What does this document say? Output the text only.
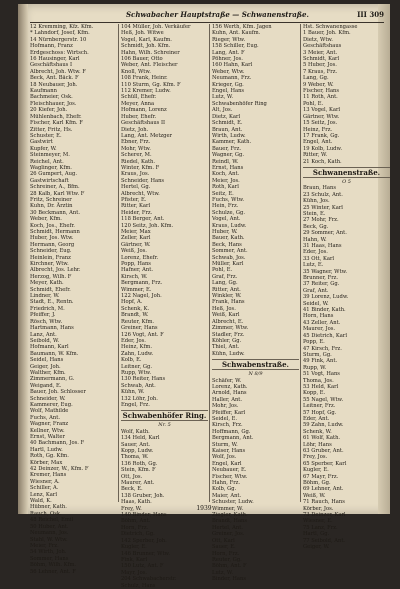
Schwabacher Hauptstraße — Schwanenstraße.	III 309
12 Kremming, Kfz. Kfm.
* Lahndorf, Josef, Kfm.
14 Nürnbergerstr. 10
Hofmann, Franz
Erdgeschoss: Wirtsch.
16 Hausinger, Karl
Geschäftshaus I
Albrecht, Joh. Wtw. F
Beck, Ant. Bäck. F
18 Neubauer, Joh.
Kaufmann
Bachmeier, Osk.
Fleischhauer, Jos.
20 Kiefer, Joh.
Mühlenbach, Ehefr.
Fischer, Karl Kfm. F
Zitter, Fritz, Hs.
Schuster, E.
Gastwirt
Kupfer, W.
Steinmeyer, M.
Reichel, Ant.
Waglinger, Kfm.
26 Gumpert, Aug.
Gastwirtschaft
Schreiner, A., Bfm.
28 Kalb, Karl Wtw. F
Fritz, Schreiner
Kuhn, Dr. Ärztin
30 Beckmann, Ant.
Weber, Kfm.
Koch, Jos., Ehefr.
Schmidt, Hermann
Huber, Jos. Wtw.
Hermann, Georg
Schneider, Eug.
Heinlein, Franz
Kirchner, Wtw.
Albrecht, Jos. Lehr.
Herzog, Wilh. F
Meyer, Kath.
Schmidt, Ehefr.
Lindner, W.
Stadt, E., Rentn.
Friedrich, M.
Pfeiffer, J.
Rösch, Wtw.
Hartmann, Hans
Lanz, Ant.
Seibold, W.
Hofmann, Karl
Baumann, W. Kfm.
Seidel, Hans
Geiger, Joh.
Walther, Kfm.
Zimmermann, G.
Weigand, E.
Bauer, Joh. Schlosser
Schneider, W.
Kammerer, Eug.
Wolf, Mathilde
Fuchs, Ant.
Wagner, Franz
Kellner, Wtw.
Ernst, Walter
40 Bachmann, Jos. F
Hartl, Ludw.
Roth, Gg. Kfm.
Körber, Max
42 Deinzer, W., Kfm. F
Kremer, Hans
Wiesner, A.
Schiller, A.
Lenz, Karl
Wald, K.
Hübner, Kath.
Rauch, Osk.
48 Reichel, Emil
50 Huber, Ant.
Neumann, Jos.
Stahl, W. Wtw.
Meier, Frz.
54 Wirth, Joh.
Sommer, Hans
Böhm, Wilh. Kfm.
56 Lehner, Ant. F
104 Müller, Joh. Verkäufer
Heß, Joh. Witwe
Vogel, Karl, Kaufm.
Schmidt, Joh. Kfm.
Hahn, Wilh. Schreiner
106 Bauer, Otto
Weber, Ant. Fleischer
Knoll, Wtw.
108 Frank, Heinr.
110 Sturm, Gg. Kfm. F
112 Kremer, Ludw.
Schüll, Ehefr.
Meyer, Anna
Hofmann, Lorenz
Huber, Ehefr.
Geschäftshaus II
Dietz, Joh.
Lang, Ant. Metzger
Ebner, Frz.
Mohr, Wtw.
Scherer, M.
Riedel, Kath.
Winter, Kfm. F
Kraus, Jos.
Schneider, Hans
Hertel, Gg.
Albrecht, Wtw.
Pfister, E.
Ritter, Karl
Heider, Frz.
118 Berger, Ant.
120 Seitz, Joh. Kfm.
Meier, Max
Zeller, Karl
Gärtner, W.
Weiß, Jos.
Lorenz, Ehefr.
Popp, Hans
Hafner, Ant.
Kirsch, W.
Bergmann, Frz.
Wimmer, E.
122 Nagel, Joh.
Hopf, A.
Schenk, K.
Brandt, W.
Reuter, Kfm.
Greiner, Hans
126 Vogt, Ant. F
Eder, Jos.
Heinz, Kfm.
Zahn, Ludw.
Kolb, E.
Leitner, Gg.
Rupp, Wtw.
130 Reiter, Hans
Schwab, Ant.
Kühn, W.
132 Löhr, Joh.
Engel, Frz.
Schwabenhöfer Ring.
Nr. 5
Wolf, Kath.
134 Held, Karl
Sauer, Ant.
Kopp, Ludw.
Thoma, W.
136 Roth, Gg.
Stein, Kfm. F
Ott, Jos.
Maurer, Ant.
Beck, E.
138 Gruber, Joh.
Haas, Kath.
Frey, W.
140 Binder, Hans
Böhm, Ant.
Horn, Frz.
Dietrich, Gg.
142 Sperber, Joh.
Kugler, E.
146 Brunner, Wtw.
Fink, Karl
150 Lutz, Ant. F
Mayr, Jos.
204 Schwabacherstr.
Schulz, Hans
156 Werth, Kfm. Jagen
Kuhn, Ant. Kaufm.
Rieger, Wtw.
158 Schiller, Eug.
Lang, Ant. F
Pöhner, Jos.
160 Hahn, Karl
Weber, Wtw.
Neumann, Frz.
Krieger, Gg.
Engel, Hans
Lutz, W.
Schwabenhöfer Ring
Alt, Jos.
Dietz, Karl
Schmidt, E.
Braun, Ant.
Wirth, Ludw.
Kammer, Kath.
Bauer, Frz.
Wagner, Gg.
Reindl, W.
Ernst, Hans
Koch, Ant.
Meier, Jos.
Roth, Karl
Seitz, E.
Fuchs, Wtw.
Hein, Frz.
Schulze, Gg.
Vogel, Ant.
Kraus, Ludw.
Huber, W.
Bauer, Kath.
Beck, Hans
Sommer, Ant.
Schwab, Jos.
Müller, Karl
Pohl, E.
Graf, Frz.
Lang, Gg.
Ritter, Ant.
Winkler, W.
Frank, Hans
Heß, Jos.
Weiß, Karl
Albrecht, E.
Zimmer, Wtw.
Stadler, Frz.
Köhler, Gg.
Thiel, Ant.
Kühn, Ludw.
Schwabenstraße.
N 8/9
Schäfer, W.
Lorenz, Kath.
Arnold, Hans
Haller, Ant.
Mohr, Jos.
Pfeiffer, Karl
Seidel, E.
Kirsch, Frz.
Hoffmann, Gg.
Bergmann, Ant.
Sturm, W.
Kaiser, Hans
Wolf, Jos.
Engel, Karl
Neubauer, E.
Fischer, Wtw.
Hahn, Frz.
Kolb, Gg.
Maier, Ant.
Schuster, Ludw.
Wimmer, W.
Ziegler, Kath.
Brandt, Hans
Hertel, Ant.
Greiner, Jos.
Ott, Karl
Sauer, E.
Horn, Frz.
Reuter, Gg.
Böhm, Ant. F
Lutz, W.
Binder, Hans
Hst. Schwanengasse
1 Bauer, Joh. Kfm.
Dietz, Wtw.
Geschäftshaus
3 Meier, Ant.
Schmidt, Karl
5 Huber, Jos.
7 Kraus, Frz.
Lang, Gg.
9 Weber, W.
Fischer, Hans
11 Roth, Ant.
Pohl, E.
13 Vogel, Karl
Gärtner, Wtw.
15 Seitz, Jos.
Heinz, Frz.
17 Frank, Gg.
Engel, Ant.
19 Kolb, Ludw.
Ritter, W.
21 Koch, Kath.
Schwanenstraße.
O 5
Braun, Hans
23 Schulz, Ant.
Kühn, Jos.
25 Winter, Karl
Stein, E.
27 Mohr, Frz.
Beck, Gg.
29 Sommer, Ant.
Hahn, W.
31 Haas, Hans
Eder, Jos.
33 Ott, Karl
Lutz, E.
35 Wagner, Wtw.
Brunner, Frz.
37 Reiter, Gg.
Graf, Ant.
39 Lorenz, Ludw.
Seidel, W.
41 Binder, Kath.
Horn, Hans
43 Zeller, Ant.
Maurer, Jos.
45 Dietrich, Karl
Popp, E.
47 Kirsch, Frz.
Sturm, Gg.
49 Fink, Ant.
Rupp, W.
51 Vogt, Hans
Thoma, Jos.
53 Held, Karl
Kopp, E.
55 Nagel, Wtw.
Leitner, Frz.
57 Hopf, Gg.
Eder, Ant.
59 Zahn, Ludw.
Schenk, W.
61 Wolf, Kath.
Löhr, Hans
63 Gruber, Ant.
Frey, Jos.
65 Sperber, Karl
Kugler, E.
67 Mayr, Frz.
Böhm, Gg.
69 Lehner, Ant.
Weiß, W.
71 Rauch, Hans
Körber, Jos.
73 Deinzer, Karl
Wiesner, E.
75 Lanz, Frz.
Hartl, Gg.
77 Seibold, Ant.
Geiger, W.
1939
